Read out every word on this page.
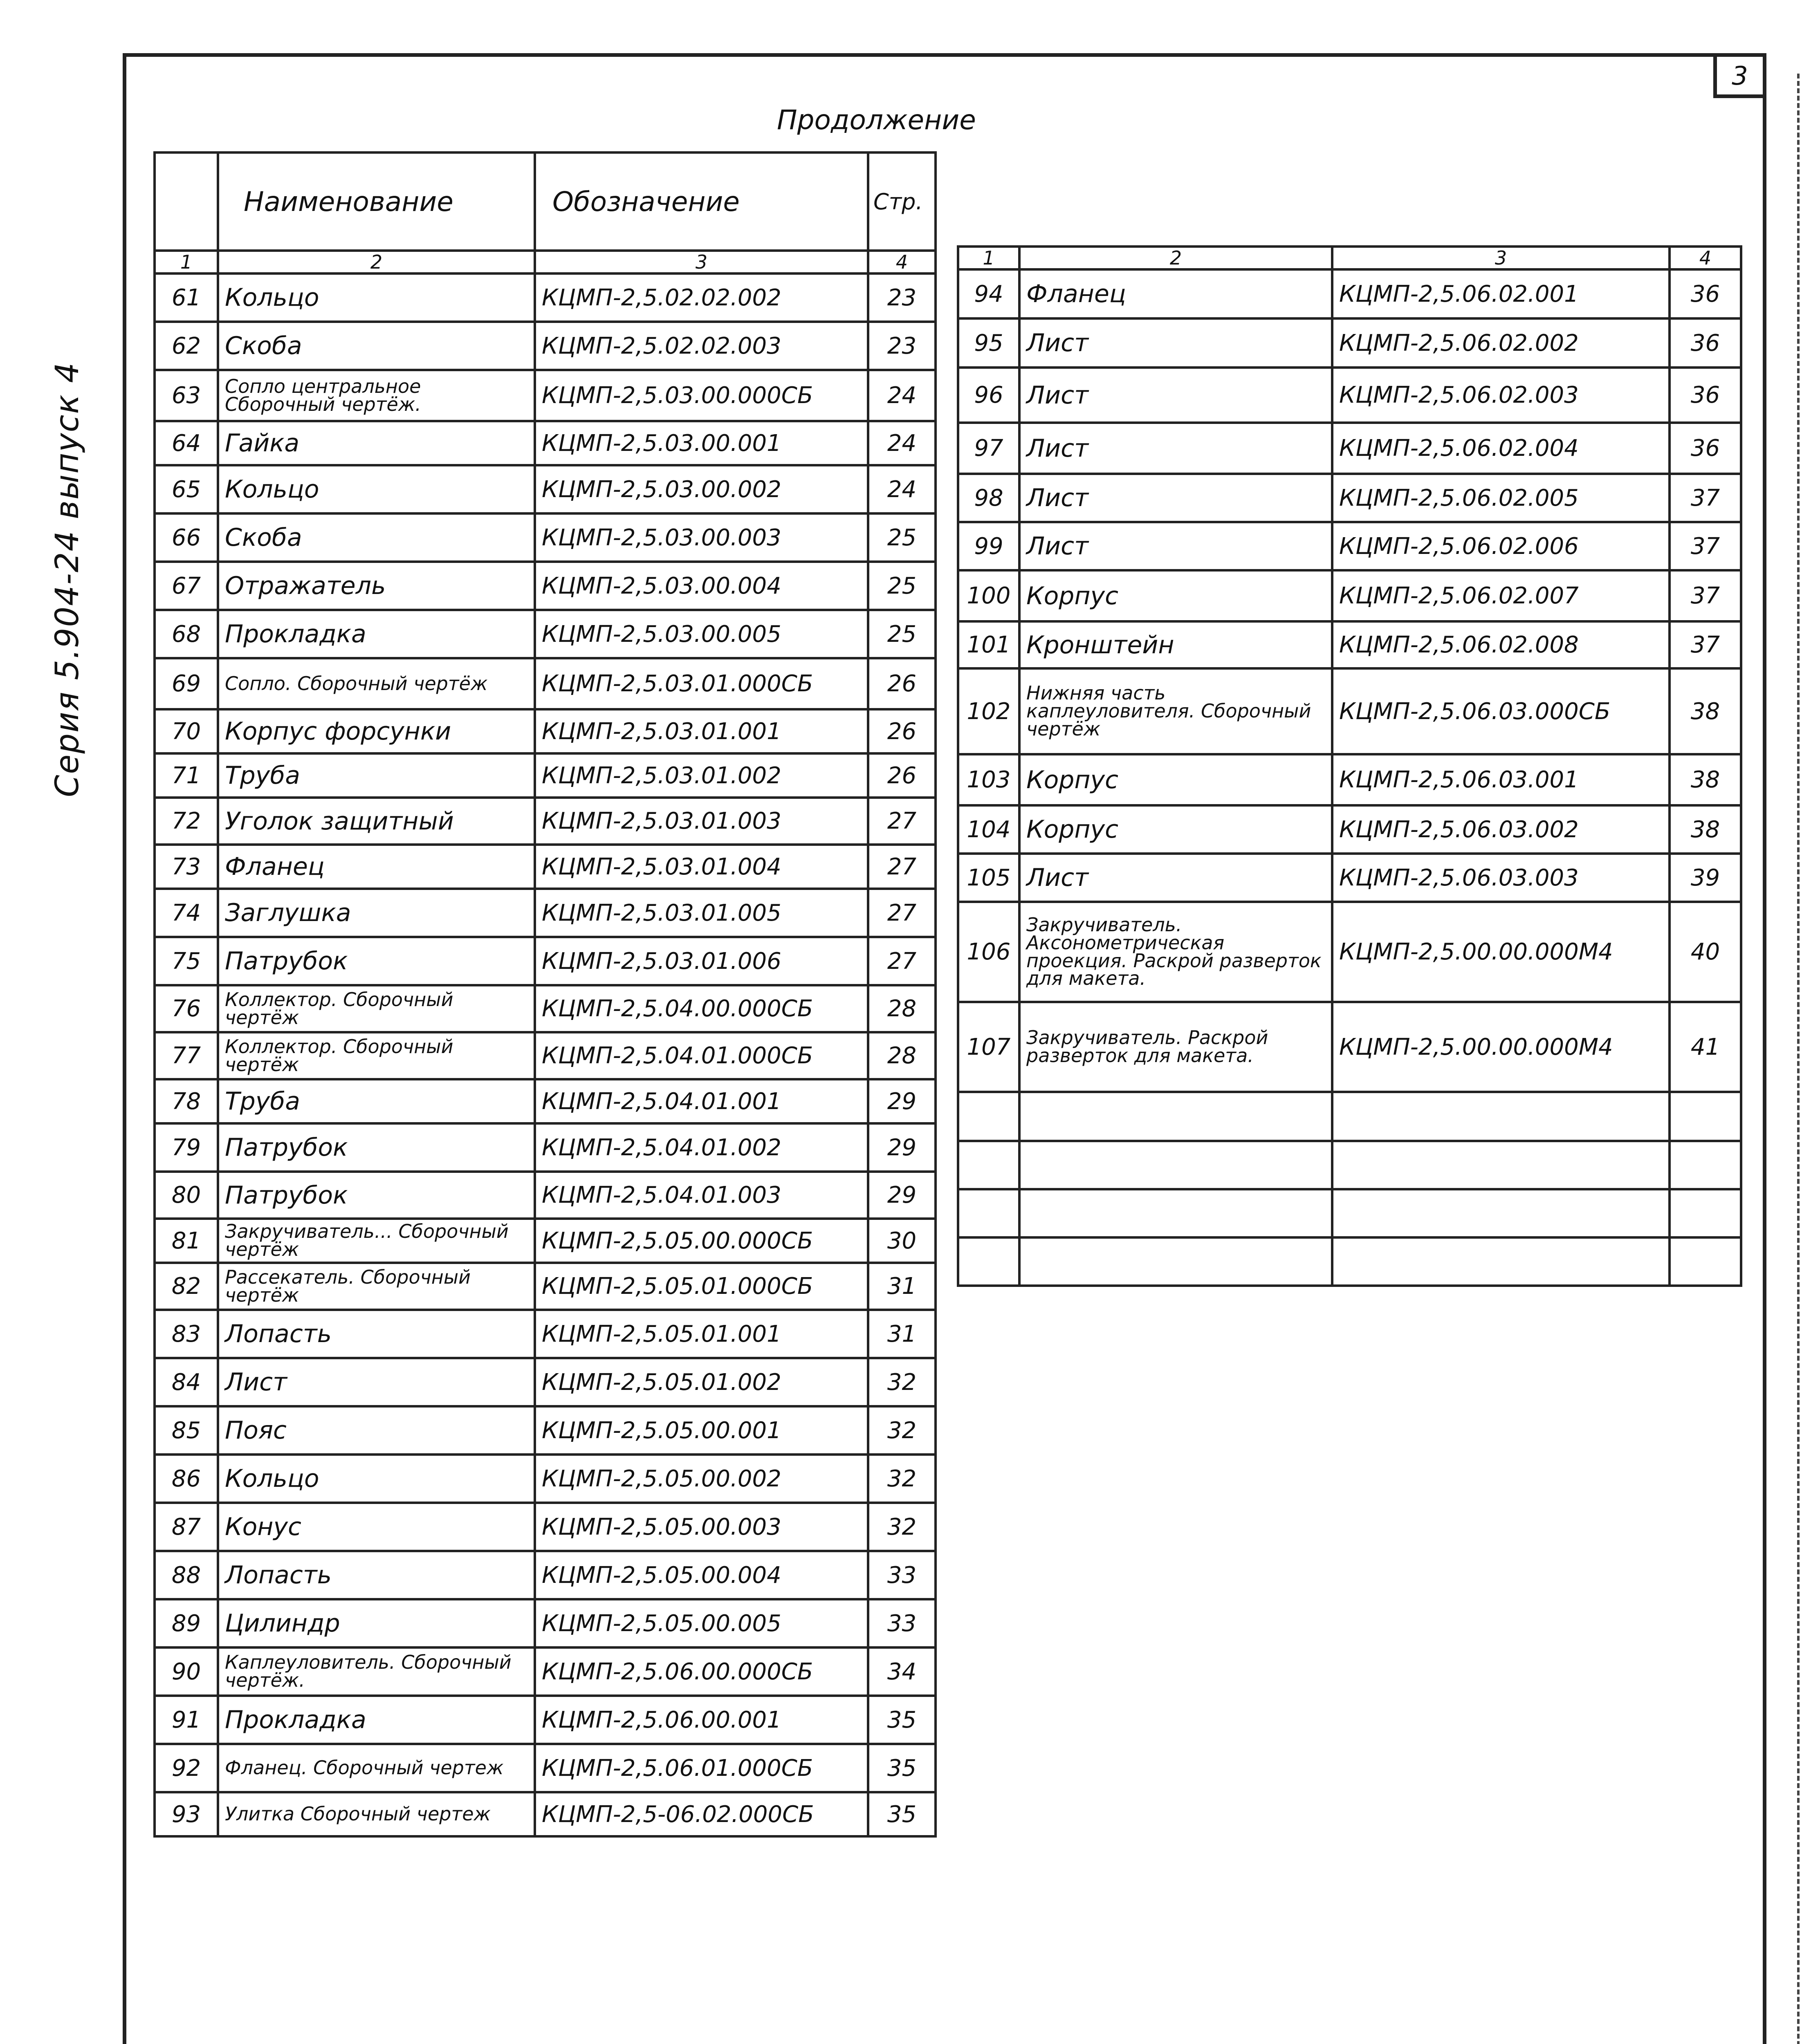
3
Серия 5.904-24 выпуск 4
Продолжение
	Наименование	Обозначение	Стр.
1	2	3	4
61	Кольцо	КЦМП-2,5.02.02.002	23
62	Скоба	КЦМП-2,5.02.02.003	23
63	Сопло центральное Сборочный чертёж.	КЦМП-2,5.03.00.000СБ	24
64	Гайка	КЦМП-2,5.03.00.001	24
65	Кольцо	КЦМП-2,5.03.00.002	24
66	Скоба	КЦМП-2,5.03.00.003	25
67	Отражатель	КЦМП-2,5.03.00.004	25
68	Прокладка	КЦМП-2,5.03.00.005	25
69	Сопло. Сборочный чертёж	КЦМП-2,5.03.01.000СБ	26
70	Корпус форсунки	КЦМП-2,5.03.01.001	26
71	Труба	КЦМП-2,5.03.01.002	26
72	Уголок защитный	КЦМП-2,5.03.01.003	27
73	Фланец	КЦМП-2,5.03.01.004	27
74	Заглушка	КЦМП-2,5.03.01.005	27
75	Патрубок	КЦМП-2,5.03.01.006	27
76	Коллектор. Сборочный чертёж	КЦМП-2,5.04.00.000СБ	28
77	Коллектор. Сборочный чертёж	КЦМП-2,5.04.01.000СБ	28
78	Труба	КЦМП-2,5.04.01.001	29
79	Патрубок	КЦМП-2,5.04.01.002	29
80	Патрубок	КЦМП-2,5.04.01.003	29
81	Закручиватель... Сборочный чертёж	КЦМП-2,5.05.00.000СБ	30
82	Рассекатель. Сборочный чертёж	КЦМП-2,5.05.01.000СБ	31
83	Лопасть	КЦМП-2,5.05.01.001	31
84	Лист	КЦМП-2,5.05.01.002	32
85	Пояс	КЦМП-2,5.05.00.001	32
86	Кольцо	КЦМП-2,5.05.00.002	32
87	Конус	КЦМП-2,5.05.00.003	32
88	Лопасть	КЦМП-2,5.05.00.004	33
89	Цилиндр	КЦМП-2,5.05.00.005	33
90	Каплеуловитель. Сборочный чертёж.	КЦМП-2,5.06.00.000СБ	34
91	Прокладка	КЦМП-2,5.06.00.001	35
92	Фланец. Сборочный чертеж	КЦМП-2,5.06.01.000СБ	35
93	Улитка Сборочный чертеж	КЦМП-2,5-06.02.000СБ	35
1	2	3	4
94	Фланец	КЦМП-2,5.06.02.001	36
95	Лист	КЦМП-2,5.06.02.002	36
96	Лист	КЦМП-2,5.06.02.003	36
97	Лист	КЦМП-2,5.06.02.004	36
98	Лист	КЦМП-2,5.06.02.005	37
99	Лист	КЦМП-2,5.06.02.006	37
100	Корпус	КЦМП-2,5.06.02.007	37
101	Кронштейн	КЦМП-2,5.06.02.008	37
102	Нижняя часть каплеуловителя. Сборочный чертёж	КЦМП-2,5.06.03.000СБ	38
103	Корпус	КЦМП-2,5.06.03.001	38
104	Корпус	КЦМП-2,5.06.03.002	38
105	Лист	КЦМП-2,5.06.03.003	39
106	Закручиватель. Аксонометрическая проекция. Раскрой разверток для макета.	КЦМП-2,5.00.00.000М4	40
107	Закручиватель. Раскрой разверток для макета.	КЦМП-2,5.00.00.000М4	41
